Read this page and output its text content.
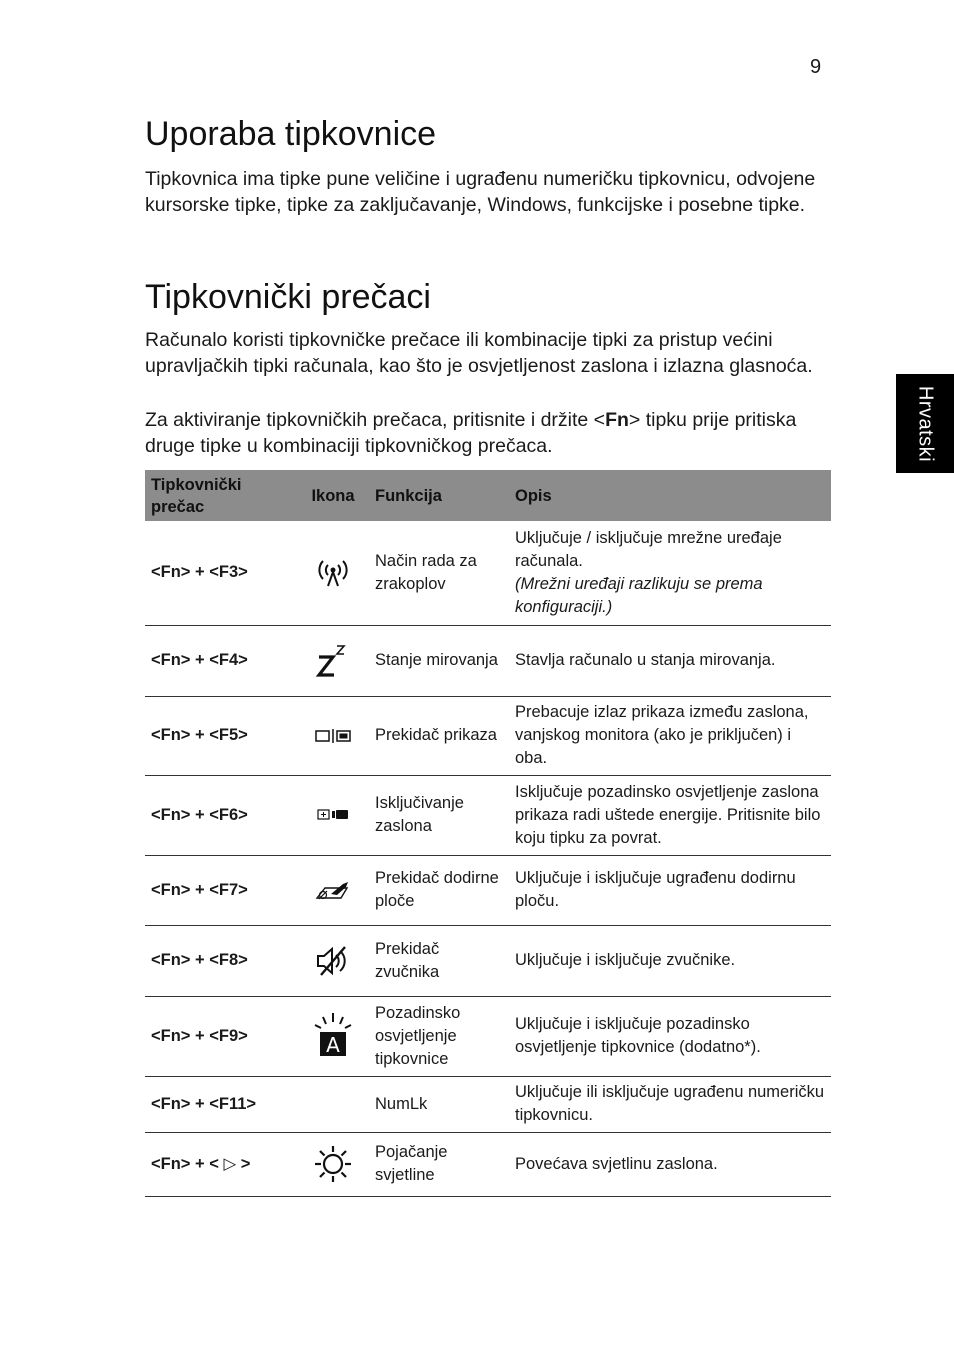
9
Hrvatski
Uporaba tipkovnice

Tipkovnica ima tipke pune veličine i ugrađenu numeričku tipkovnicu, odvojene kursorske tipke, tipke za zaključavanje, Windows, funkcijske i posebne tipke.

Tipkovnički prečaci

Računalo koristi tipkovničke prečace ili kombinacije tipki za pristup većini upravljačkih tipki računala, kao što je osvjetljenost zaslona i izlazna glasnoća.

Za aktiviranje tipkovničkih prečaca, pritisnite i držite <Fn> tipku prije pritiska druge tipke u kombinaciji tipkovničkog prečaca.

Tipkovnički prečac	Ikona	Funkcija	Opis
<Fn> + <F3>		Način rada za zrakoplov	Uključuje / isključuje mrežne uređaje računala.
(Mrežni uređaji razlikuju se prema konfiguraciji.)

<Fn> + <F4>		Stanje mirovanja	Stavlja računalo u stanja mirovanja.
<Fn> + <F5>		Prekidač prikaza	Prebacuje izlaz prikaza između zaslona, vanjskog monitora (ako je priključen) i oba.
<Fn> + <F6>		Isključivanje zaslona	Isključuje pozadinsko osvjetljenje zaslona prikaza radi uštede energije. Pritisnite bilo koju tipku za povrat.
<Fn> + <F7>		Prekidač dodirne ploče	Uključuje i isključuje ugrađenu dodirnu ploču.
<Fn> + <F8>		Prekidač zvučnika	Uključuje i isključuje zvučnike.
<Fn> + <F9>	A	Pozadinsko osvjetljenje tipkovnice	Uključuje i isključuje pozadinsko osvjetljenje tipkovnice (dodatno*).
<Fn> + <F11>		NumLk	Uključuje ili isključuje ugrađenu numeričku tipkovnicu.
<Fn> + < ▷ >		Pojačanje svjetline	Povećava svjetlinu zaslona.
